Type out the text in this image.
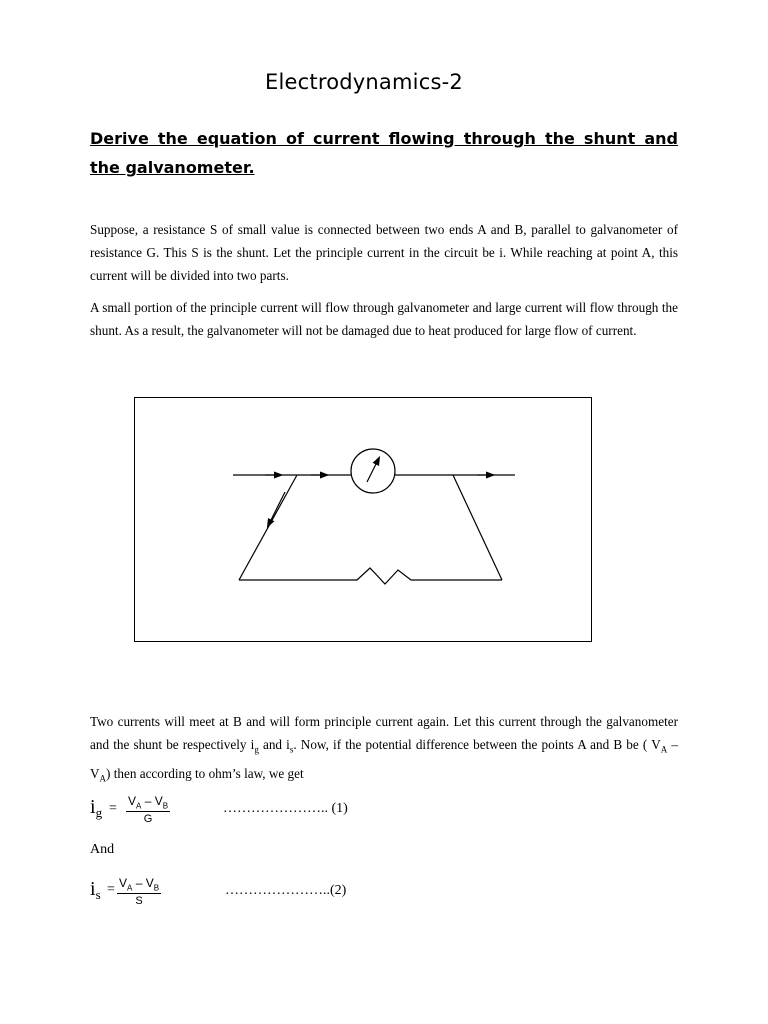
Electrodynamics-2
Derive the equation of current flowing through the shunt and the galvanometer.

Suppose, a resistance S of small value is connected between two ends A and B, parallel to galvanometer of resistance G. This S is the shunt. Let the principle current in the circuit be i. While reaching at point A, this current will be divided into two parts.

A small portion of the principle current will flow through galvanometer and large current will flow through the shunt. As a result, the galvanometer will not be damaged due to heat produced for large flow of current.

Two currents will meet at B and will form principle current again. Let this current through the galvanometer and the shunt be respectively $i_g$ and $i_s$. Now, if the potential difference between the points A and B be ( $V_A - V_A$) then according to ohm’s law, we get

ig = $\frac{V_A - V_B}{G}$	………………….. (1)
And
is = $\frac{V_A - V_B}{S}$	…………………..(2)
